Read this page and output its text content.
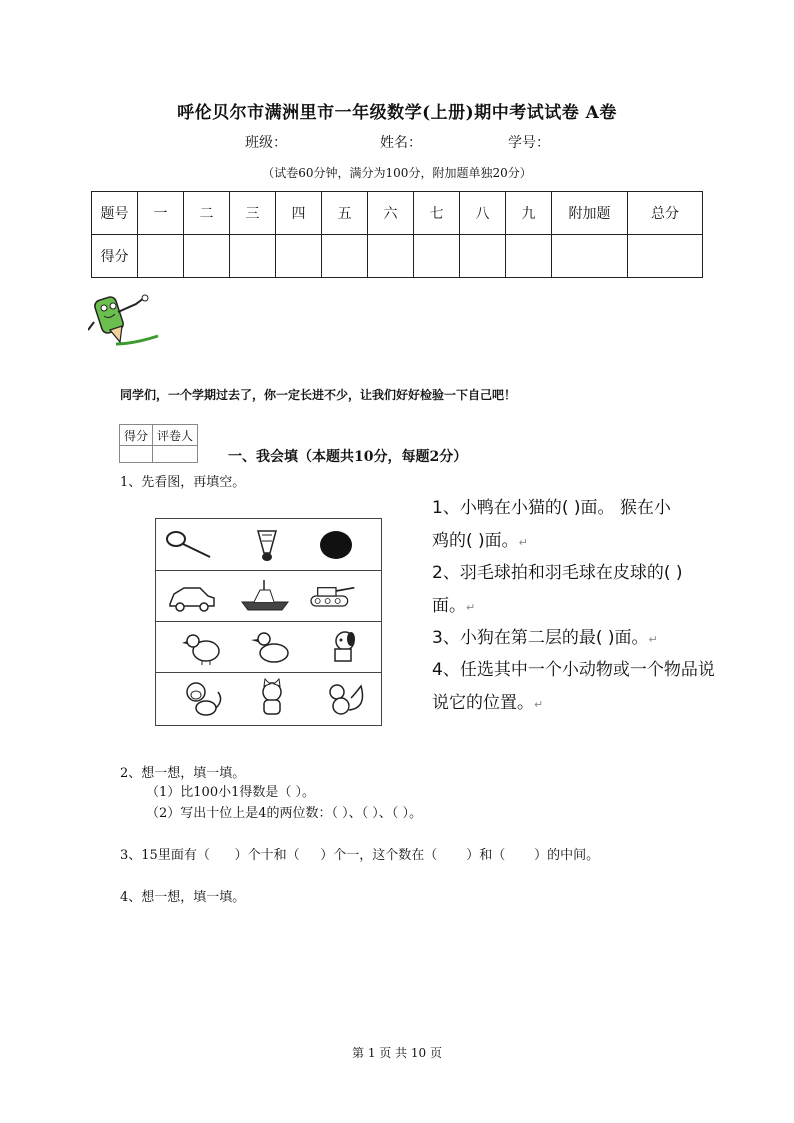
呼伦贝尔市满洲里市一年级数学(上册)期中考试试卷 A卷
班级：	姓名：	学号：
（试卷60分钟，满分为100分，附加题单独20分）
题号	一	二	三	四	五	六	七	八	九	附加题	总分
得分											
同学们，一个学期过去了，你一定长进不少，让我们好好检验一下自己吧！
得分	评卷人

一、我会填（本题共10分，每题2分）
1、先看图，再填空。
1、小鸭在小猫的( )面。 猴在小
鸡的( )面。↵
2、羽毛球拍和羽毛球在皮球的( )
面。↵
3、小狗在第二层的最( )面。↵
4、任选其中一个小动物或一个物品说
说它的位置。↵
2、想一想，填一填。
（1）比100小1得数是（ ）。
（2）写出十位上是4的两位数：（ ）、（ ）、（ ）。
3、15里面有（      ）个十和（     ）个一，这个数在（       ）和（       ）的中间。
4、想一想，填一填。
第 1 页 共 10 页
